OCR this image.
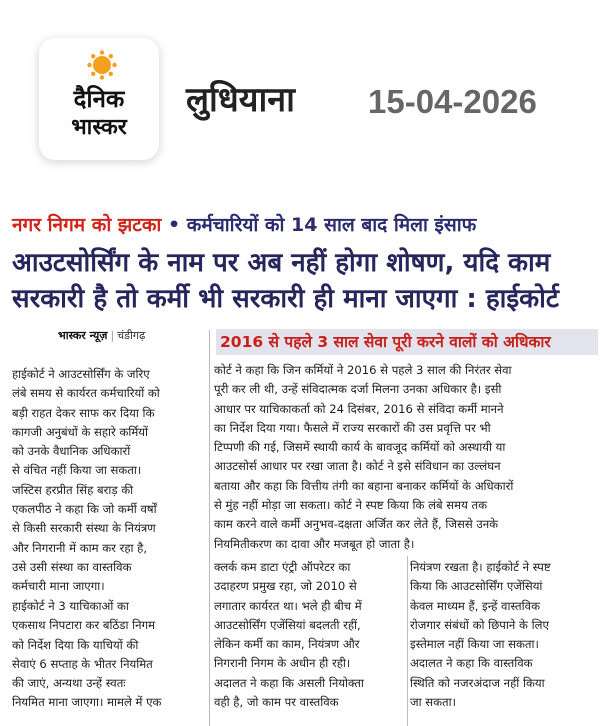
दैनिक
भास्कर
लुधियाना 15-04-2026
नगर निगम को झटका • कर्मचारियों को 14 साल बाद मिला इंसाफ
आउटसोर्सिंग के नाम पर अब नहीं होगा शोषण, यदि काम
सरकारी है तो कर्मी भी सरकारी ही माना जाएगा : हाईकोर्ट
भास्कर न्यूज़ | चंडीगढ़	2016 से पहले 3 साल सेवा पूरी करने वालों को अधिकार
हाईकोर्ट ने आउटसोर्सिंग के जरिए
लंबे समय से कार्यरत कर्मचारियों को
बड़ी राहत देकर साफ कर दिया कि
कागजी अनुबंधों के सहारे कर्मियों
को उनके वैधानिक अधिकारों
से वंचित नहीं किया जा सकता।
जस्टिस हरप्रीत सिंह बराड़ की
एकलपीठ ने कहा कि जो कर्मी वर्षों
से किसी सरकारी संस्था के नियंत्रण
और निगरानी में काम कर रहा है,
उसे उसी संस्था का वास्तविक
कर्मचारी माना जाएगा।
हाईकोर्ट ने 3 याचिकाओं का
एकसाथ निपटारा कर बठिंडा निगम
को निर्देश दिया कि याचियों की
सेवाएं 6 सप्ताह के भीतर नियमित
की जाएं, अन्यथा उन्हें स्वतः
नियमित माना जाएगा। मामले में एक
कोर्ट ने कहा कि जिन कर्मियों ने 2016 से पहले 3 साल की निरंतर सेवा
पूरी कर ली थी, उन्हें संविदात्मक दर्जा मिलना उनका अधिकार है। इसी
आधार पर याचिकाकर्ता को 24 दिसंबर, 2016 से संविदा कर्मी मानने
का निर्देश दिया गया। फैसले में राज्य सरकारों की उस प्रवृत्ति पर भी
टिप्पणी की गई, जिसमें स्थायी कार्य के बावजूद कर्मियों को अस्थायी या
आउटसोर्स आधार पर रखा जाता है। कोर्ट ने इसे संविधान का उल्लंघन
बताया और कहा कि वित्तीय तंगी का बहाना बनाकर कर्मियों के अधिकारों
से मुंह नहीं मोड़ा जा सकता। कोर्ट ने स्पष्ट किया कि लंबे समय तक
काम करने वाले कर्मी अनुभव-दक्षता अर्जित कर लेते हैं, जिससे उनके
नियमितीकरण का दावा और मजबूत हो जाता है।
क्लर्क कम डाटा एंट्री ऑपरेटर का
उदाहरण प्रमुख रहा, जो 2010 से
लगातार कार्यरत था। भले ही बीच में
आउटसोर्सिंग एजेंसियां बदलती रहीं,
लेकिन कर्मी का काम, नियंत्रण और
निगरानी निगम के अधीन ही रही।
अदालत ने कहा कि असली नियोक्ता
वही है, जो काम पर वास्तविक
नियंत्रण रखता है। हाईकोर्ट ने स्पष्ट
किया कि आउटसोर्सिंग एजेंसियां
केवल माध्यम हैं, इन्हें वास्तविक
रोजगार संबंधों को छिपाने के लिए
इस्तेमाल नहीं किया जा सकता।
अदालत ने कहा कि वास्तविक
स्थिति को नजरअंदाज नहीं किया
जा सकता।
